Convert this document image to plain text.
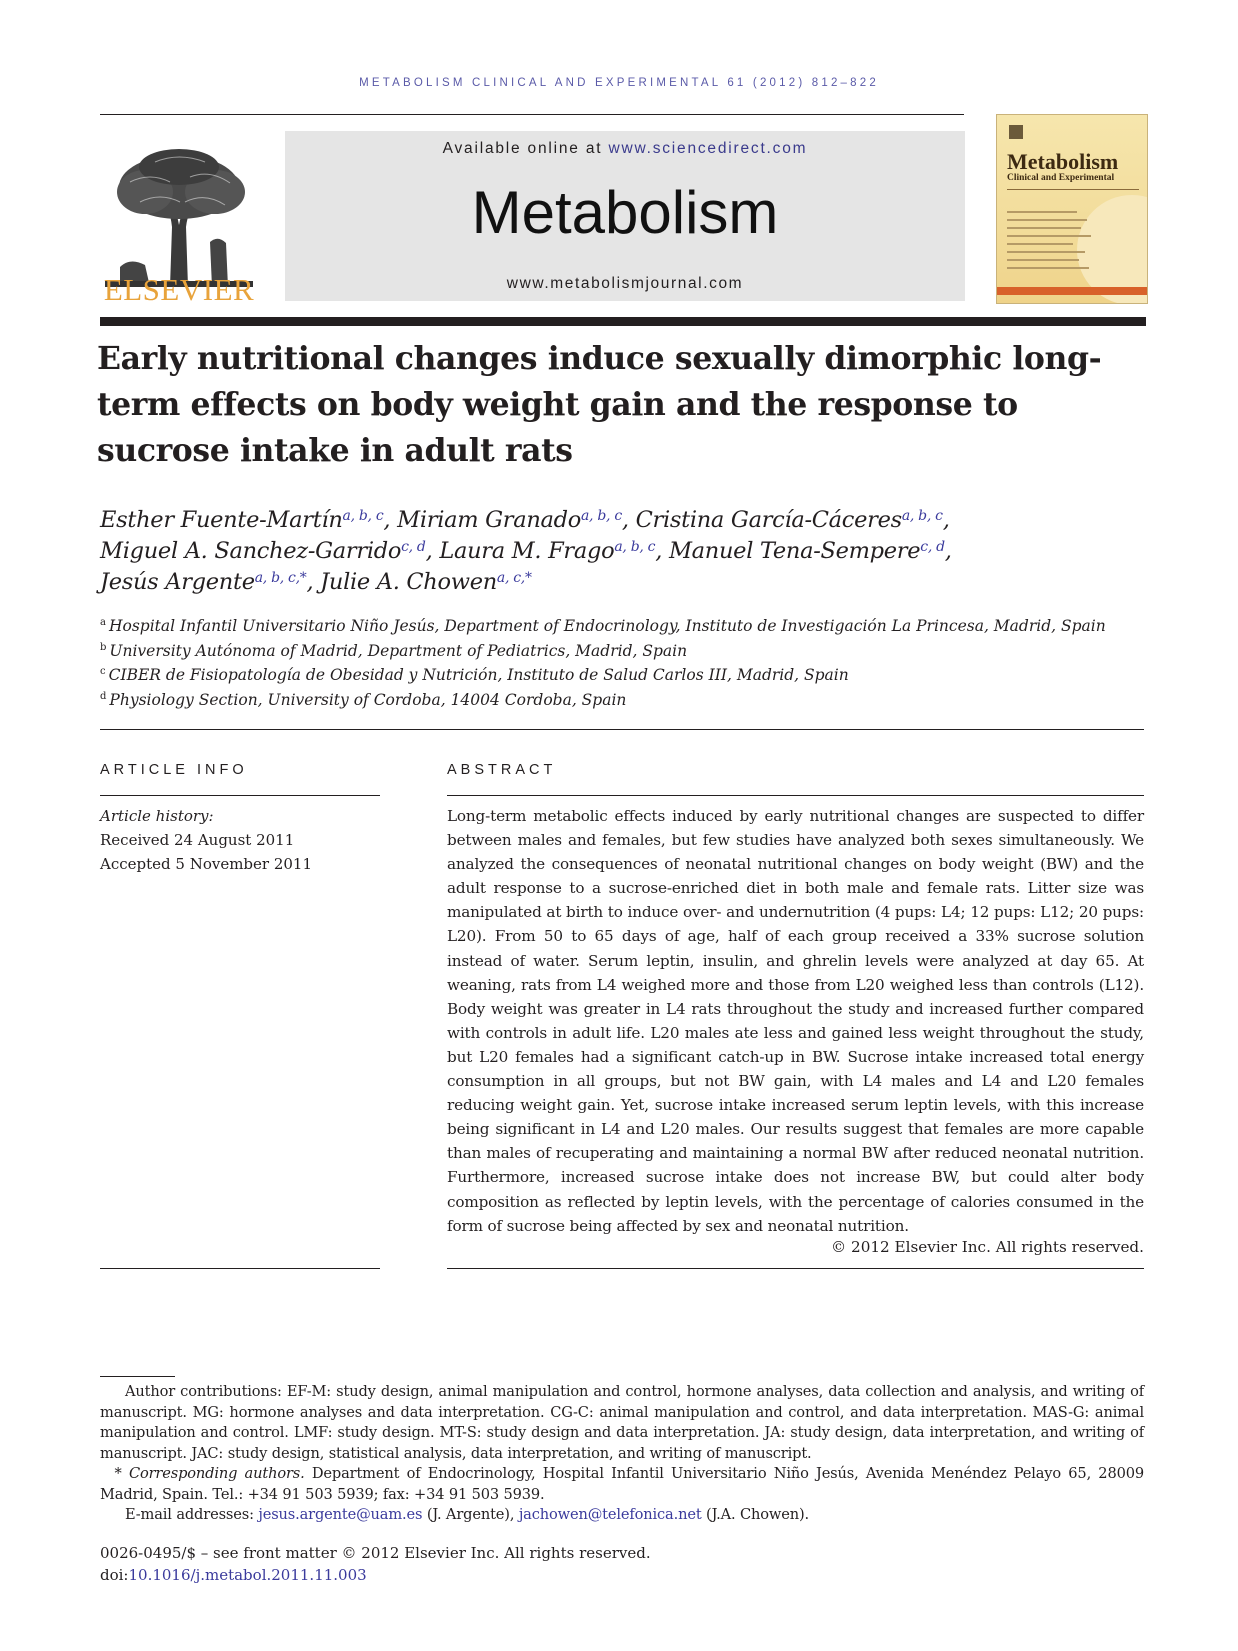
METABOLISM CLINICAL AND EXPERIMENTAL 61 (2012) 812–822
ELSEVIER
Available online at www.sciencedirect.com
Metabolism
www.metabolismjournal.com
Metabolism
Clinical and Experimental
Early nutritional changes induce sexually dimorphic long-term effects on body weight gain and the response to sucrose intake in adult rats
Esther Fuente-Martín$^{a, b, c}$, Miriam Granado$^{a, b, c}$, Cristina García-Cáceres$^{a, b, c}$,
Miguel A. Sanchez-Garrido$^{c, d}$, Laura M. Frago$^{a, b, c}$, Manuel Tena-Sempere$^{c, d}$,
Jesús Argente$^{a, b, c,*}$, Julie A. Chowen$^{a, c,*}$
$^a$ Hospital Infantil Universitario Niño Jesús, Department of Endocrinology, Instituto de Investigación La Princesa, Madrid, Spain
$^b$ University Autónoma of Madrid, Department of Pediatrics, Madrid, Spain
$^c$ CIBER de Fisiopatología de Obesidad y Nutrición, Instituto de Salud Carlos III, Madrid, Spain
$^d$ Physiology Section, University of Cordoba, 14004 Cordoba, Spain
ARTICLE INFO	ABSTRACT
Article history:
Received 24 August 2011
Accepted 5 November 2011
Long-term metabolic effects induced by early nutritional changes are suspected to differ between males and females, but few studies have analyzed both sexes simultaneously. We analyzed the consequences of neonatal nutritional changes on body weight (BW) and the adult response to a sucrose-enriched diet in both male and female rats. Litter size was manipulated at birth to induce over- and undernutrition (4 pups: L4; 12 pups: L12; 20 pups: L20). From 50 to 65 days of age, half of each group received a 33% sucrose solution instead of water. Serum leptin, insulin, and ghrelin levels were analyzed at day 65. At weaning, rats from L4 weighed more and those from L20 weighed less than controls (L12). Body weight was greater in L4 rats throughout the study and increased further compared with controls in adult life. L20 males ate less and gained less weight throughout the study, but L20 females had a significant catch-up in BW. Sucrose intake increased total energy consumption in all groups, but not BW gain, with L4 males and L4 and L20 females reducing weight gain. Yet, sucrose intake increased serum leptin levels, with this increase being significant in L4 and L20 males. Our results suggest that females are more capable than males of recuperating and maintaining a normal BW after reduced neonatal nutrition. Furthermore, increased sucrose intake does not increase BW, but could alter body composition as reflected by leptin levels, with the percentage of calories consumed in the form of sucrose being affected by sex and neonatal nutrition.
© 2012 Elsevier Inc. All rights reserved.

Author contributions: EF-M: study design, animal manipulation and control, hormone analyses, data collection and analysis, and writing of manuscript. MG: hormone analyses and data interpretation. CG-C: animal manipulation and control, and data interpretation. MAS-G: animal manipulation and control. LMF: study design. MT-S: study design and data interpretation. JA: study design, data interpretation, and writing of manuscript. JAC: study design, statistical analysis, data interpretation, and writing of manuscript.

* Corresponding authors. Department of Endocrinology, Hospital Infantil Universitario Niño Jesús, Avenida Menéndez Pelayo 65, 28009 Madrid, Spain. Tel.: +34 91 503 5939; fax: +34 91 503 5939.

E-mail addresses: jesus.argente@uam.es (J. Argente), jachowen@telefonica.net (J.A. Chowen).

0026-0495/$ – see front matter © 2012 Elsevier Inc. All rights reserved.
doi:10.1016/j.metabol.2011.11.003
